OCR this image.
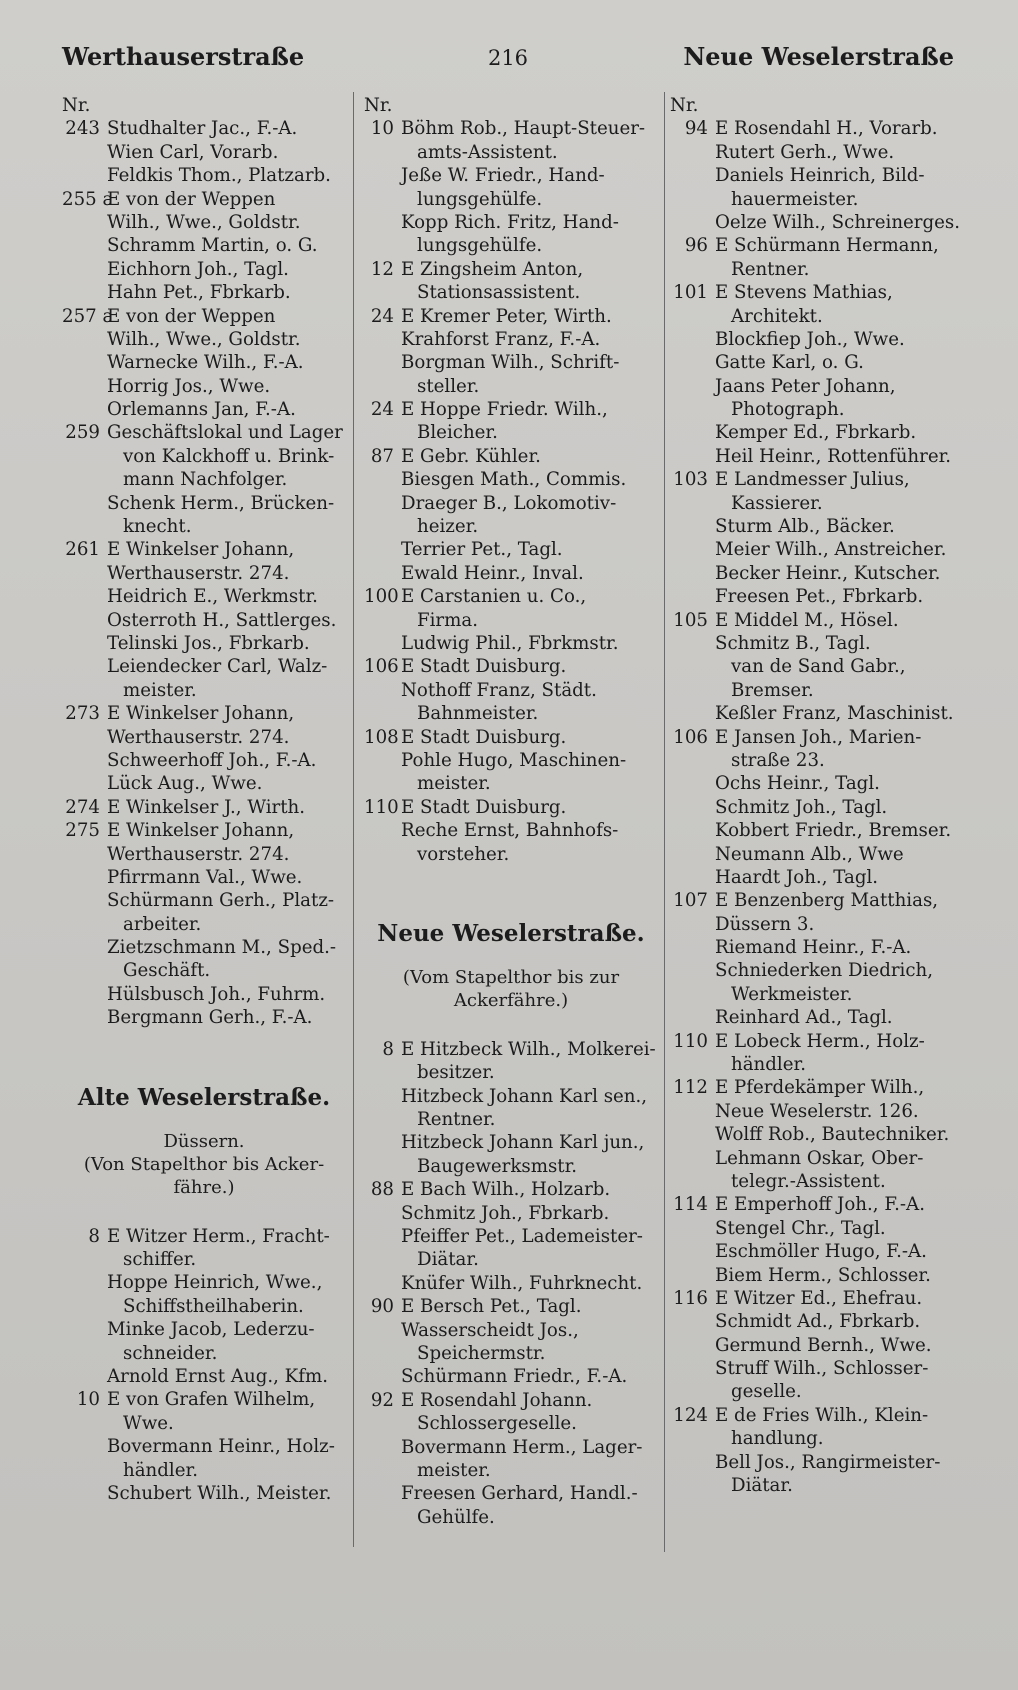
Werthauserstraße	216	Neue Weselerstraße
Nr.
243 Studhalter Jac., F.-A.
Wien Carl, Vorarb.
Feldkis Thom., Platzarb.
255 aE von der Weppen
Wilh., Wwe., Goldstr.
Schramm Martin, o. G.
Eichhorn Joh., Tagl.
Hahn Pet., Fbrkarb.
257 aE von der Weppen
Wilh., Wwe., Goldstr.
Warnecke Wilh., F.-A.
Horrig Jos., Wwe.
Orlemanns Jan, F.-A.
259 Geschäftslokal und Lager
von Kalckhoff u. Brink-
mann Nachfolger.
Schenk Herm., Brücken-
knecht.
261 E Winkelser Johann,
Werthauserstr. 274.
Heidrich E., Werkmstr.
Osterroth H., Sattlerges.
Telinski Jos., Fbrkarb.
Leiendecker Carl, Walz-
meister.
273 E Winkelser Johann,
Werthauserstr. 274.
Schweerhoff Joh., F.-A.
Lück Aug., Wwe.
274 E Winkelser J., Wirth.
275 E Winkelser Johann,
Werthauserstr. 274.
Pfirrmann Val., Wwe.
Schürmann Gerh., Platz-
arbeiter.
Zietzschmann M., Sped.-
Geschäft.
Hülsbusch Joh., Fuhrm.
Bergmann Gerh., F.-A.
Alte Weselerstraße.
Düssern.
(Von Stapelthor bis Acker-
fähre.)
8 E Witzer Herm., Fracht-
schiffer.
Hoppe Heinrich, Wwe.,
Schiffstheilhaberin.
Minke Jacob, Lederzu-
schneider.
Arnold Ernst Aug., Kfm.
10 E von Grafen Wilhelm,
Wwe.
Bovermann Heinr., Holz-
händler.
Schubert Wilh., Meister.
Nr.
10 Böhm Rob., Haupt-Steuer-
amts-Assistent.
Jeße W. Friedr., Hand-
lungsgehülfe.
Kopp Rich. Fritz, Hand-
lungsgehülfe.
12 E Zingsheim Anton,
Stationsassistent.
24 E Kremer Peter, Wirth.
Krahforst Franz, F.-A.
Borgman Wilh., Schrift-
steller.
24 E Hoppe Friedr. Wilh.,
Bleicher.
87 E Gebr. Kühler.
Biesgen Math., Commis.
Draeger B., Lokomotiv-
heizer.
Terrier Pet., Tagl.
Ewald Heinr., Inval.
100 E Carstanien u. Co.,
Firma.
Ludwig Phil., Fbrkmstr.
106 E Stadt Duisburg.
Nothoff Franz, Städt.
Bahnmeister.
108 E Stadt Duisburg.
Pohle Hugo, Maschinen-
meister.
110 E Stadt Duisburg.
Reche Ernst, Bahnhofs-
vorsteher.
Neue Weselerstraße.
(Vom Stapelthor bis zur
Ackerfähre.)
8 E Hitzbeck Wilh., Molkerei-
besitzer.
Hitzbeck Johann Karl sen.,
Rentner.
Hitzbeck Johann Karl jun.,
Baugewerksmstr.
88 E Bach Wilh., Holzarb.
Schmitz Joh., Fbrkarb.
Pfeiffer Pet., Lademeister-
Diätar.
Knüfer Wilh., Fuhrknecht.
90 E Bersch Pet., Tagl.
Wasserscheidt Jos.,
Speichermstr.
Schürmann Friedr., F.-A.
92 E Rosendahl Johann.
Schlossergeselle.
Bovermann Herm., Lager-
meister.
Freesen Gerhard, Handl.-
Gehülfe.
Nr.
94 E Rosendahl H., Vorarb.
Rutert Gerh., Wwe.
Daniels Heinrich, Bild-
hauermeister.
Oelze Wilh., Schreinerges.
96 E Schürmann Hermann,
Rentner.
101 E Stevens Mathias,
Architekt.
Blockfiep Joh., Wwe.
Gatte Karl, o. G.
Jaans Peter Johann,
Photograph.
Kemper Ed., Fbrkarb.
Heil Heinr., Rottenführer.
103 E Landmesser Julius,
Kassierer.
Sturm Alb., Bäcker.
Meier Wilh., Anstreicher.
Becker Heinr., Kutscher.
Freesen Pet., Fbrkarb.
105 E Middel M., Hösel.
Schmitz B., Tagl.
van de Sand Gabr.,
Bremser.
Keßler Franz, Maschinist.
106 E Jansen Joh., Marien-
straße 23.
Ochs Heinr., Tagl.
Schmitz Joh., Tagl.
Kobbert Friedr., Bremser.
Neumann Alb., Wwe
Haardt Joh., Tagl.
107 E Benzenberg Matthias,
Düssern 3.
Riemand Heinr., F.-A.
Schniederken Diedrich,
Werkmeister.
Reinhard Ad., Tagl.
110 E Lobeck Herm., Holz-
händler.
112 E Pferdekämper Wilh.,
Neue Weselerstr. 126.
Wolff Rob., Bautechniker.
Lehmann Oskar, Ober-
telegr.-Assistent.
114 E Emperhoff Joh., F.-A.
Stengel Chr., Tagl.
Eschmöller Hugo, F.-A.
Biem Herm., Schlosser.
116 E Witzer Ed., Ehefrau.
Schmidt Ad., Fbrkarb.
Germund Bernh., Wwe.
Struff Wilh., Schlosser-
geselle.
124 E de Fries Wilh., Klein-
handlung.
Bell Jos., Rangirmeister-
Diätar.
